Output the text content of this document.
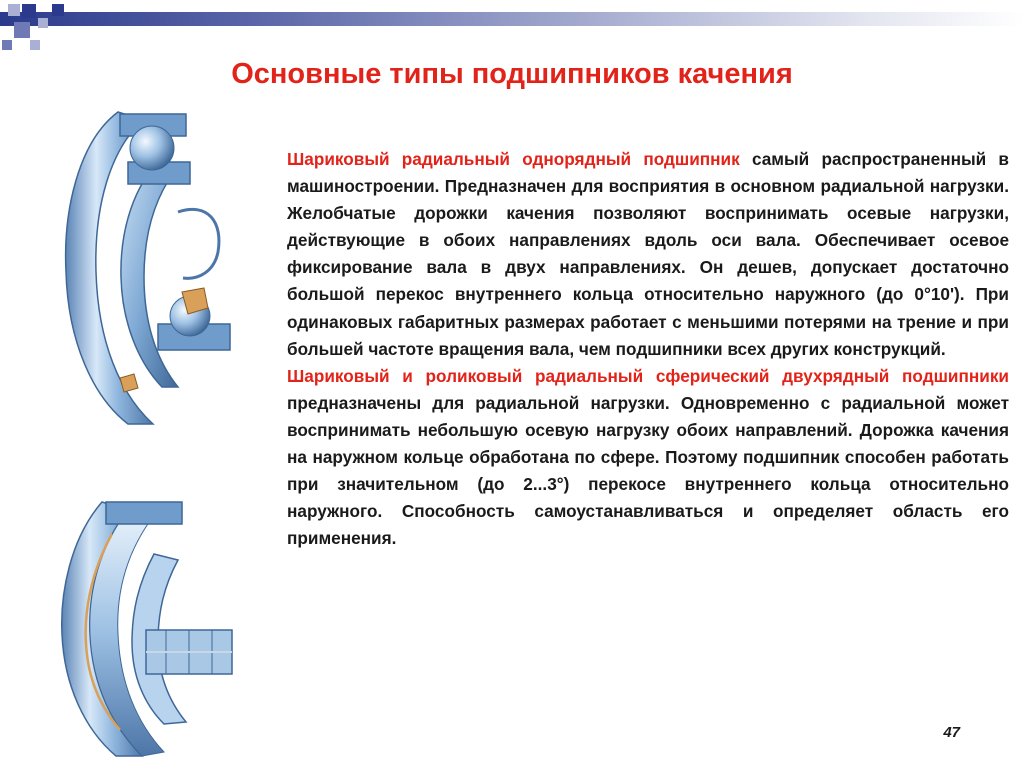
Основные типы подшипников качения

Шариковый радиальный однорядный подшипник самый распространенный в машиностроении. Предназначен для восприятия в основном радиальной нагрузки. Желобчатые дорожки качения позволяют воспринимать осевые нагрузки, действующие в обоих направлениях вдоль оси вала. Обеспечивает осевое фиксирование вала в двух направлениях. Он дешев, допускает достаточно большой перекос внутреннего кольца относительно наружного (до 0°10'). При одинаковых габаритных размерах работает с меньшими потерями на трение и при большей частоте вращения вала, чем подшипники всех других конструкций.

Шариковый и роликовый радиальный сферический двухрядный подшипники предназначены для радиальной нагрузки. Одновременно с радиальной может воспринимать небольшую осевую нагрузку обоих направлений. Дорожка качения на наружном кольце обработана по сфере. Поэтому подшипник способен работать при значительном (до 2...3°) перекосе внутреннего кольца относительно наружного. Способность самоустанавливаться и определяет область его применения.

47
